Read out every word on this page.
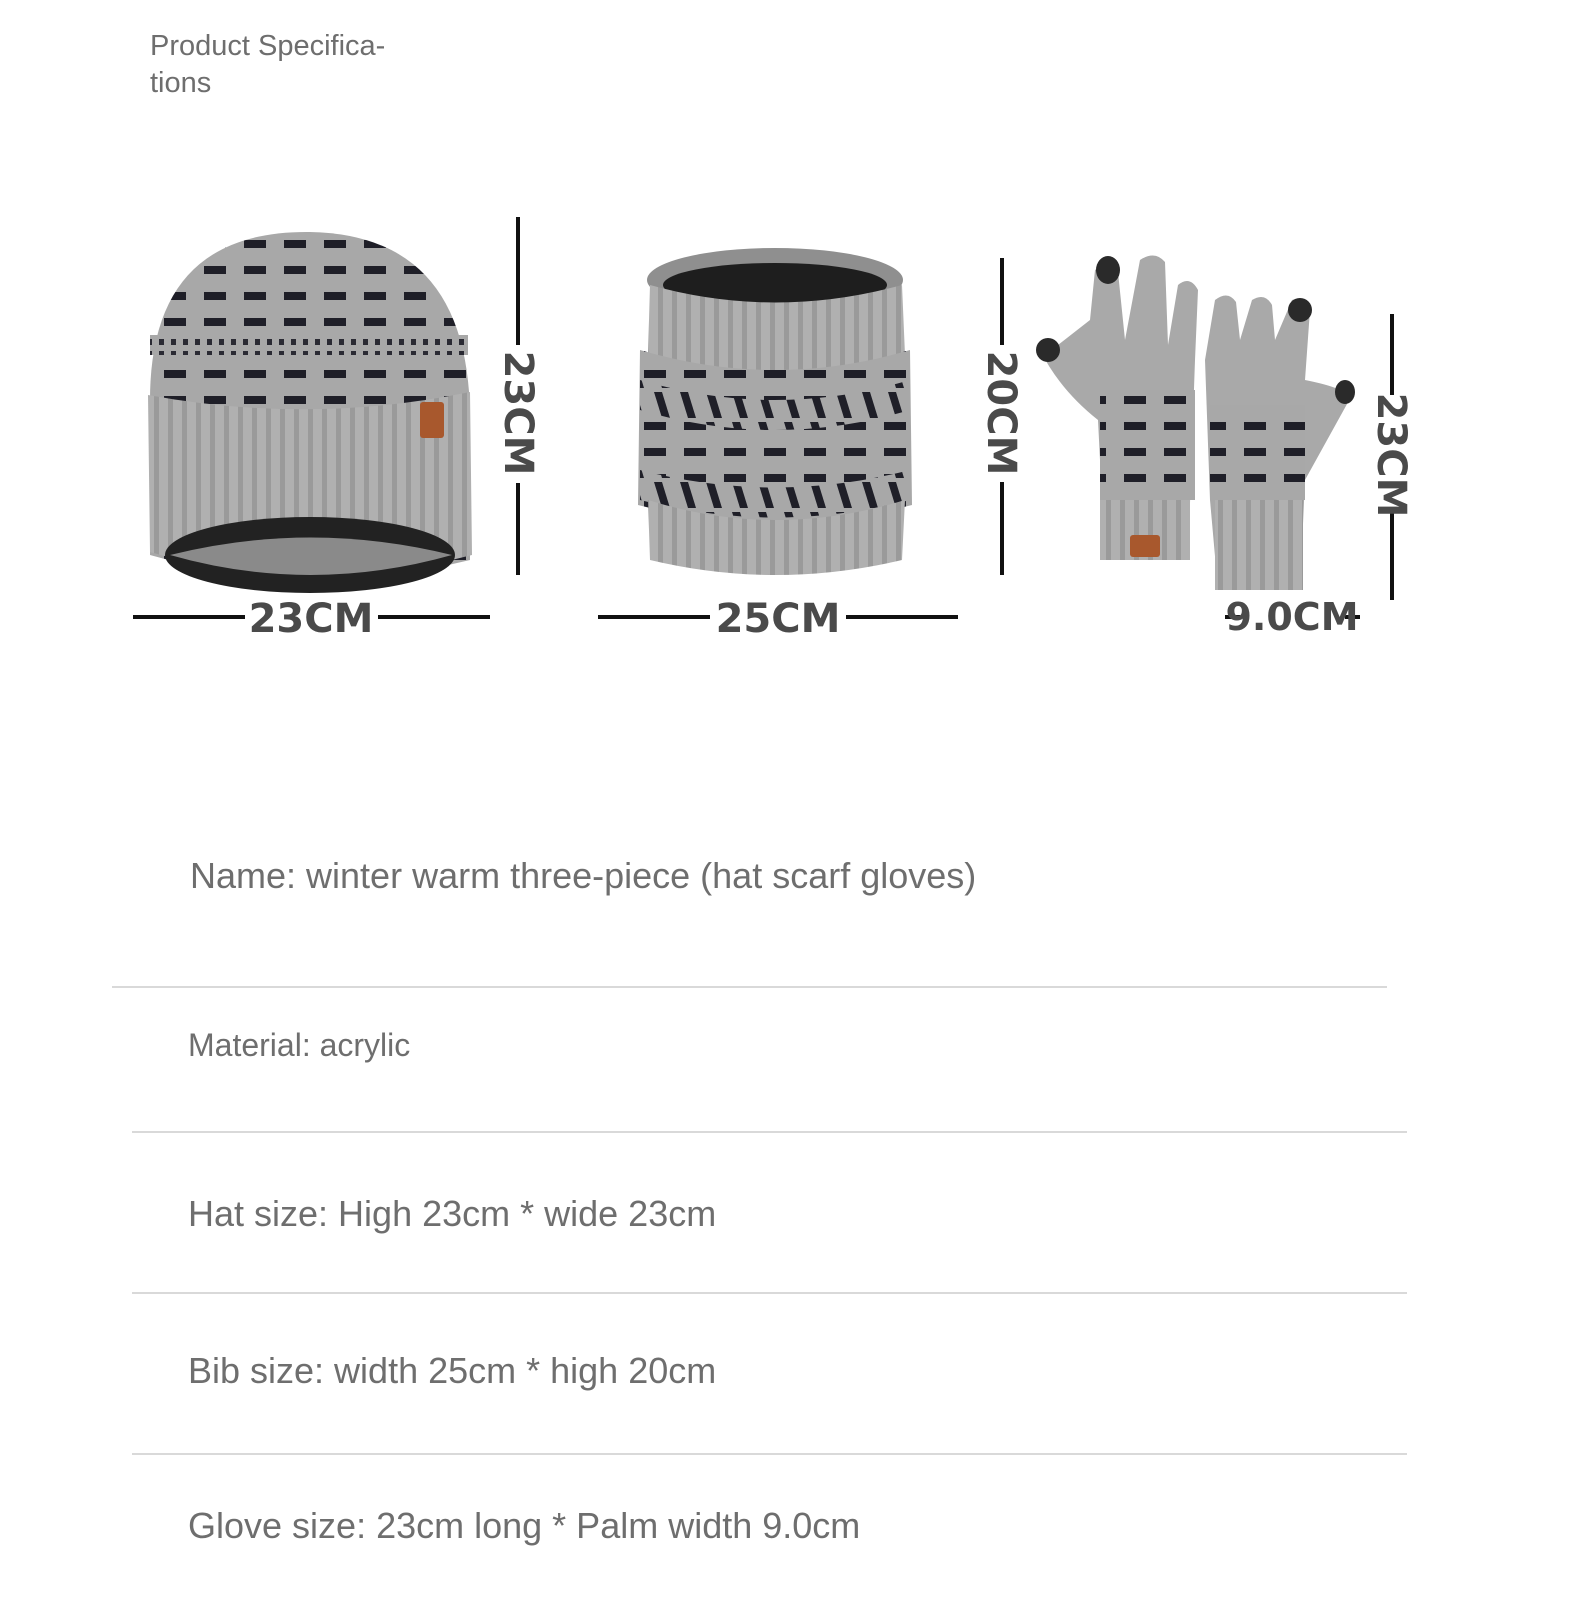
Product Specifica- tions
23CM
23CM
20CM
25CM
23CM
9.0CM
Name: winter warm three-piece (hat scarf gloves)
Material: acrylic
Hat size: High 23cm * wide 23cm
Bib size: width 25cm * high 20cm
Glove size: 23cm long * Palm width 9.0cm
